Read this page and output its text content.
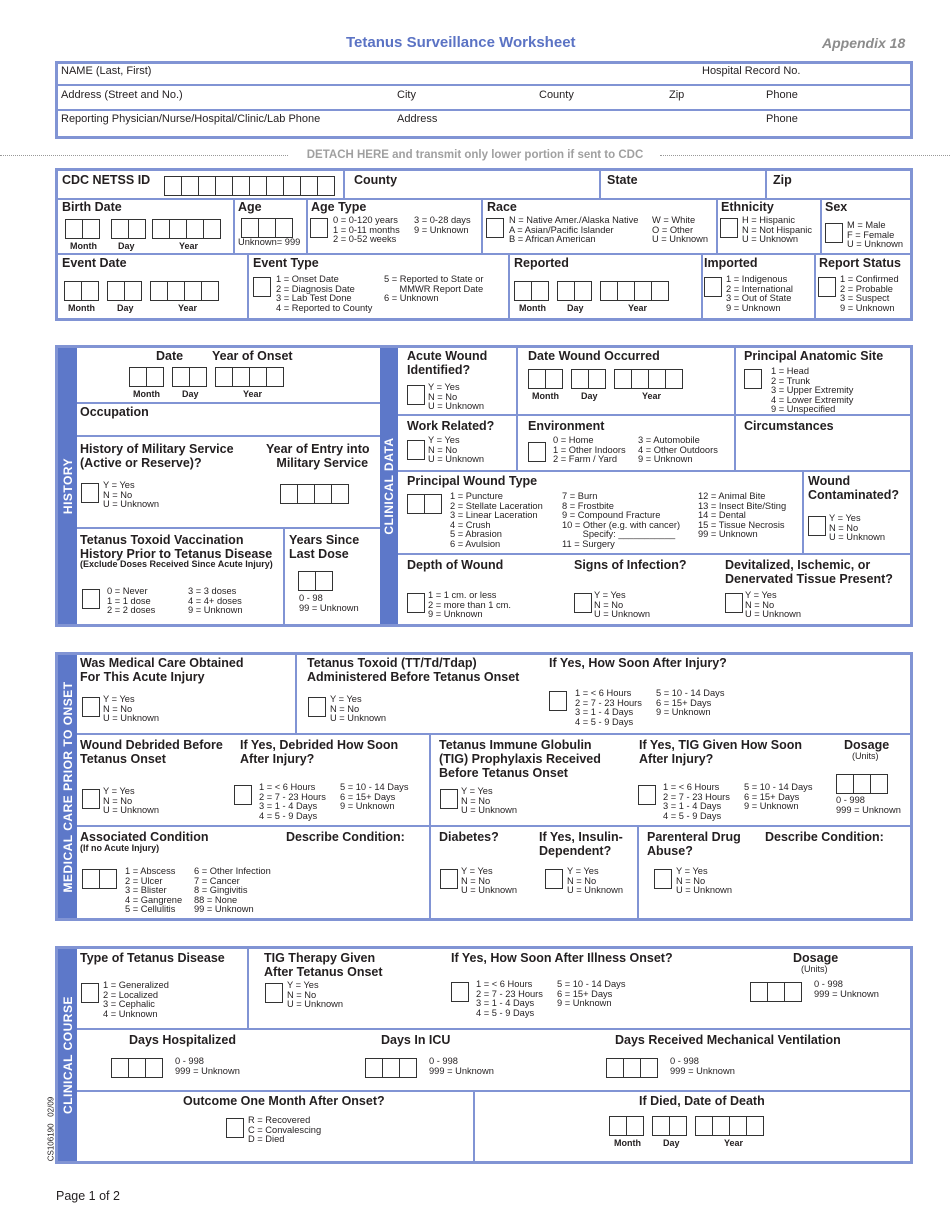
Tetanus Surveillance Worksheet	Appendix 18
NAME (Last, First)	Hospital Record No.
Address (Street and No.)	City	County	Zip	Phone
Reporting Physician/Nurse/Hospital/Clinic/Lab Phone	Address	Phone
DETACH HERE and transmit only lower portion if sent to CDC
CDC NETSS ID	County	State	Zip
Birth Date
Month Day	Year
Age
Unknown= 999
Age Type
0 = 0-120 years
1 = 0-11 months
2 = 0-52 weeks
3 = 0-28 days
9 = Unknown
Race
N = Native Amer./Alaska Native
A = Asian/Pacific Islander
B = African American
W = White
O = Other
U = Unknown
Ethnicity
H = Hispanic
N = Not Hispanic
U = Unknown
Sex
M = Male
F = Female
U = Unknown
Event Date
Month Day	Year
Event Type
1 = Onset Date
2 = Diagnosis Date
3 = Lab Test Done
4 = Reported to County
5 = Reported to State or
MMWR Report Date
6 = Unknown
Reported
Month Day	Year
Imported
1 = Indigenous
2 = International
3 = Out of State
9 = Unknown
Report Status
1 = Confirmed
2 = Probable
3 = Suspect
9 = Unknown
HISTORY	CLINICAL DATA
Date Year of Onset
Month Day	Year
Occupation
History of Military Service
(Active or Reserve)?
Y = Yes
N = No
U = Unknown
Year of Entry into
Military Service
Tetanus Toxoid Vaccination
History Prior to Tetanus Disease
(Exclude Doses Received Since Acute Injury)
0 = Never
1 = 1 dose
2 = 2 doses
3 = 3 doses
4 = 4+ doses
9 = Unknown
Years Since
Last Dose
0 - 98
99 = Unknown
Acute Wound
Identified?
Y = Yes
N = No
U = Unknown
Date Wound Occurred
Month Day	Year
Principal Anatomic Site
1 = Head
2 = Trunk
3 = Upper Extremity
4 = Lower Extremity
9 = Unspecified
Work Related?
Y = Yes
N = No
U = Unknown
Environment
0 = Home
1 = Other Indoors
2 = Farm / Yard
3 = Automobile
4 = Other Outdoors
9 = Unknown
Circumstances
Principal Wound Type
1 = Puncture
2 = Stellate Laceration
3 = Linear Laceration
4 = Crush
5 = Abrasion
6 = Avulsion
7 = Burn
8 = Frostbite
9 = Compound Fracture
10 = Other (e.g. with cancer)
Specify: ___________
11 = Surgery
12 = Animal Bite
13 = Insect Bite/Sting
14 = Dental
15 = Tissue Necrosis
99 = Unknown
Wound
Contaminated?
Y = Yes
N = No
U = Unknown
Depth of Wound
1 = 1 cm. or less
2 = more than 1 cm.
9 = Unknown
Signs of Infection?
Y = Yes
N = No
U = Unknown
Devitalized, Ischemic, or
Denervated Tissue Present?
Y = Yes
N = No
U = Unknown
MEDICAL CARE PRIOR TO ONSET
Was Medical Care Obtained
For This Acute Injury
Y = Yes
N = No
U = Unknown
Tetanus Toxoid (TT/Td/Tdap)
Administered Before Tetanus Onset
Y = Yes
N = No
U = Unknown
If Yes, How Soon After Injury?
1 = < 6 Hours
2 = 7 - 23 Hours
3 = 1 - 4 Days
4 = 5 - 9 Days
5 = 10 - 14 Days
6 = 15+ Days
9 = Unknown
Wound Debrided Before
Tetanus Onset
Y = Yes
N = No
U = Unknown
If Yes, Debrided How Soon
After Injury?
1 = < 6 Hours
2 = 7 - 23 Hours
3 = 1 - 4 Days
4 = 5 - 9 Days
5 = 10 - 14 Days
6 = 15+ Days
9 = Unknown
Tetanus Immune Globulin
(TIG) Prophylaxis Received
Before Tetanus Onset
Y = Yes
N = No
U = Unknown
If Yes, TIG Given How Soon
After Injury?
1 = < 6 Hours
2 = 7 - 23 Hours
3 = 1 - 4 Days
4 = 5 - 9 Days
5 = 10 - 14 Days
6 = 15+ Days
9 = Unknown
Dosage
(Units)
0 - 998
999 = Unknown
Associated Condition
(If no Acute Injury)
1 = Abscess
2 = Ulcer
3 = Blister
4 = Gangrene
5 = Cellulitis
6 = Other Infection
7 = Cancer
8 = Gingivitis
88 = None
99 = Unknown
Describe Condition:	Diabetes?
Y = Yes
N = No
U = Unknown
If Yes, Insulin-
Dependent?
Y = Yes
N = No
U = Unknown
Parenteral Drug
Abuse?
Y = Yes
N = No
U = Unknown
Describe Condition:
CLINICAL COURSE
Type of Tetanus Disease
1 = Generalized
2 = Localized
3 = Cephalic
4 = Unknown
TIG Therapy Given
After Tetanus Onset
Y = Yes
N = No
U = Unknown
If Yes, How Soon After Illness Onset?
1 = < 6 Hours
2 = 7 - 23 Hours
3 = 1 - 4 Days
4 = 5 - 9 Days
5 = 10 - 14 Days
6 = 15+ Days
9 = Unknown
Dosage
(Units)
0 - 998
999 = Unknown
Days Hospitalized
0 - 998
999 = Unknown
Days In ICU
0 - 998
999 = Unknown
Days Received Mechanical Ventilation
0 - 998
999 = Unknown
Outcome One Month After Onset?
R = Recovered
C = Convalescing
D = Died
If Died, Date of Death
Month Day	Year
CS106190   02/09
Page 1 of 2
